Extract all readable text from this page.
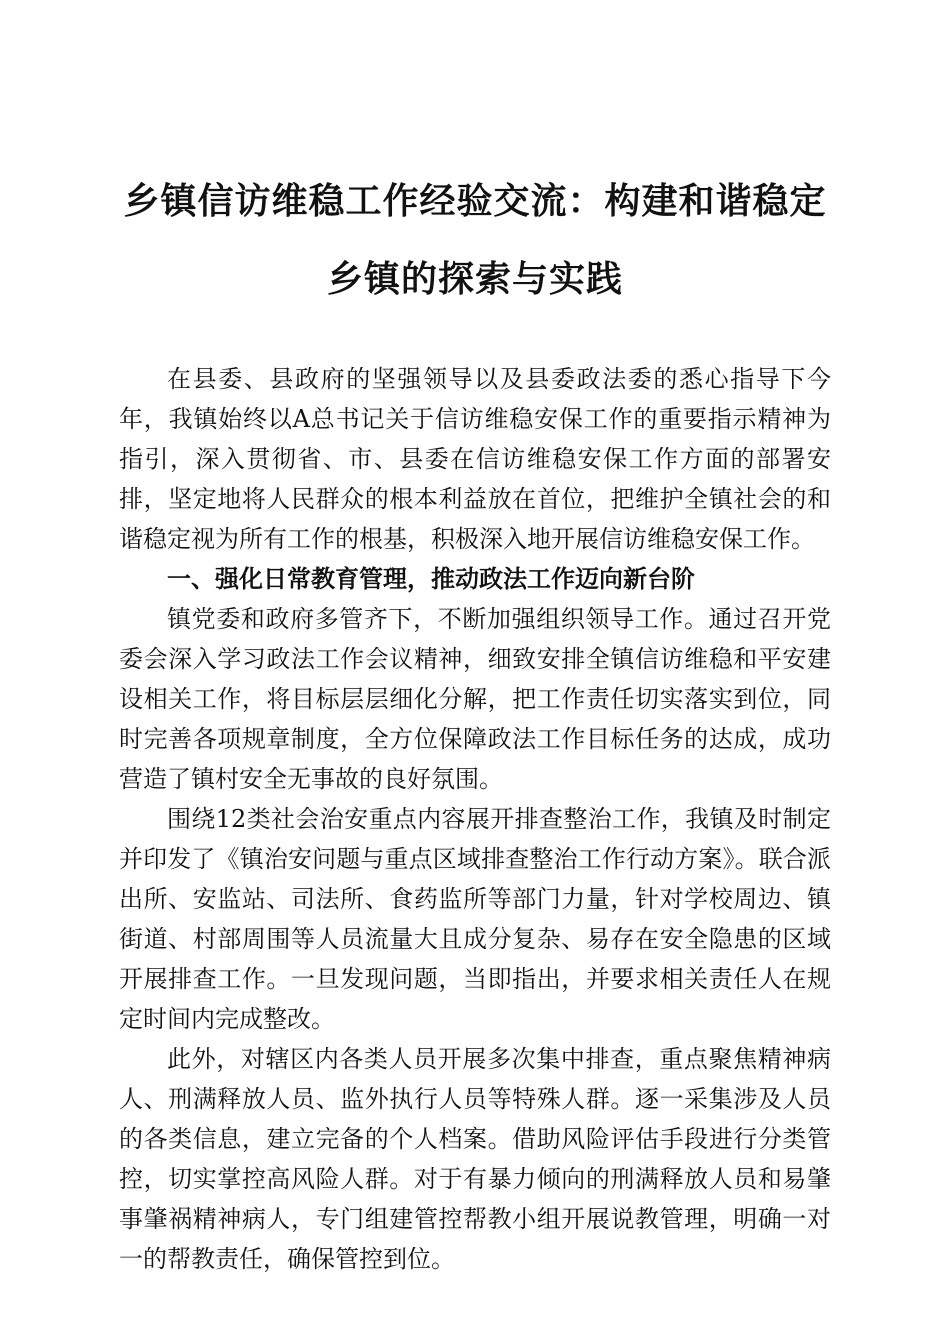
乡镇信访维稳工作经验交流：构建和谐稳定乡镇的探索与实践

在县委、县政府的坚强领导以及县委政法委的悉心指导下今年，我镇始终以A总书记关于信访维稳安保工作的重要指示精神为指引，深入贯彻省、市、县委在信访维稳安保工作方面的部署安排，坚定地将人民群众的根本利益放在首位，把维护全镇社会的和谐稳定视为所有工作的根基，积极深入地开展信访维稳安保工作。

一、强化日常教育管理，推动政法工作迈向新台阶

镇党委和政府多管齐下，不断加强组织领导工作。通过召开党委会深入学习政法工作会议精神，细致安排全镇信访维稳和平安建设相关工作，将目标层层细化分解，把工作责任切实落实到位，同时完善各项规章制度，全方位保障政法工作目标任务的达成，成功营造了镇村安全无事故的良好氛围。

围绕12类社会治安重点内容展开排查整治工作，我镇及时制定并印发了《镇治安问题与重点区域排查整治工作行动方案》。联合派出所、安监站、司法所、食药监所等部门力量，针对学校周边、镇街道、村部周围等人员流量大且成分复杂、易存在安全隐患的区域开展排查工作。一旦发现问题，当即指出，并要求相关责任人在规定时间内完成整改。

此外，对辖区内各类人员开展多次集中排查，重点聚焦精神病人、刑满释放人员、监外执行人员等特殊人群。逐一采集涉及人员的各类信息，建立完备的个人档案。借助风险评估手段进行分类管控，切实掌控高风险人群。对于有暴力倾向的刑满释放人员和易肇事肇祸精神病人，专门组建管控帮教小组开展说教管理，明确一对一的帮教责任，确保管控到位。
